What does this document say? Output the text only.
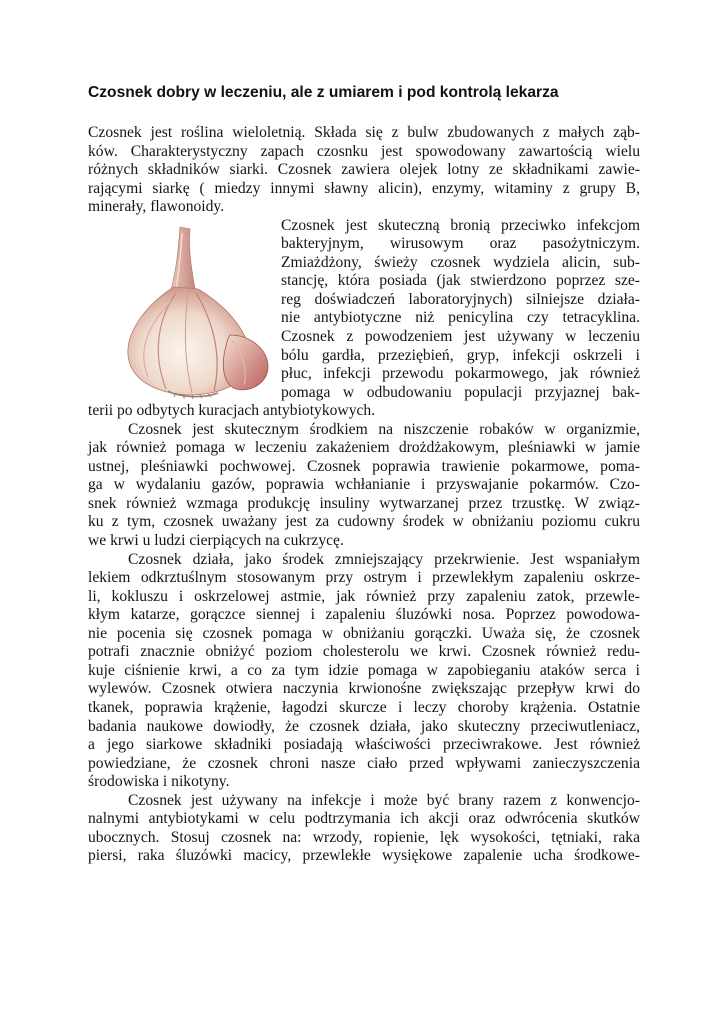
Czosnek dobry w leczeniu, ale z umiarem i pod kontrolą lekarza
Czosnek jest roślina wieloletnią. Składa się z bulw zbudowanych z małych ząb-
ków. Charakterystyczny zapach czosnku jest spowodowany zawartością wielu
różnych składników siarki. Czosnek zawiera olejek lotny ze składnikami zawie-
rającymi siarkę ( miedzy innymi sławny alicin), enzymy, witaminy z grupy B,
minerały, flawonoidy.
Czosnek jest skuteczną bronią przeciwko infekcjom
bakteryjnym, wirusowym oraz pasożytniczym.
Zmiażdżony, świeży czosnek wydziela alicin, sub-
stancję, która posiada (jak stwierdzono poprzez sze-
reg doświadczeń laboratoryjnych) silniejsze działa-
nie antybiotyczne niż penicylina czy tetracyklina.
Czosnek z powodzeniem jest używany w leczeniu
bólu gardła, przeziębień, gryp, infekcji oskrzeli i
płuc, infekcji przewodu pokarmowego, jak również
pomaga w odbudowaniu populacji przyjaznej bak-
terii po odbytych kuracjach antybiotykowych.
Czosnek jest skutecznym środkiem na niszczenie robaków w organizmie,
jak również pomaga w leczeniu zakażeniem drożdżakowym, pleśniawki w jamie
ustnej, pleśniawki pochwowej. Czosnek poprawia trawienie pokarmowe, poma-
ga w wydalaniu gazów, poprawia wchłanianie i przyswajanie pokarmów. Czo-
snek również wzmaga produkcję insuliny wytwarzanej przez trzustkę. W związ-
ku z tym, czosnek uważany jest za cudowny środek w obniżaniu poziomu cukru
we krwi u ludzi cierpiących na cukrzycę.
Czosnek działa, jako środek zmniejszający przekrwienie. Jest wspaniałym
lekiem odkrztuślnym stosowanym przy ostrym i przewlekłym zapaleniu oskrze-
li, kokluszu i oskrzelowej astmie, jak również przy zapaleniu zatok, przewle-
kłym katarze, gorączce siennej i zapaleniu śluzówki nosa. Poprzez powodowa-
nie pocenia się czosnek pomaga w obniżaniu gorączki. Uważa się, że czosnek
potrafi znacznie obniżyć poziom cholesterolu we krwi. Czosnek również redu-
kuje ciśnienie krwi, a co za tym idzie pomaga w zapobieganiu ataków serca i
wylewów. Czosnek otwiera naczynia krwionośne zwiększając przepływ krwi do
tkanek, poprawia krążenie, łagodzi skurcze i leczy choroby krążenia. Ostatnie
badania naukowe dowiodły, że czosnek działa, jako skuteczny przeciwutleniacz,
a jego siarkowe składniki posiadają właściwości przeciwrakowe. Jest również
powiedziane, że czosnek chroni nasze ciało przed wpływami zanieczyszczenia
środowiska i nikotyny.
Czosnek jest używany na infekcje i może być brany razem z konwencjo-
nalnymi antybiotykami w celu podtrzymania ich akcji oraz odwrócenia skutków
ubocznych. Stosuj czosnek na: wrzody, ropienie, lęk wysokości, tętniaki, raka
piersi, raka śluzówki macicy, przewlekłe wysiękowe zapalenie ucha środkowe-
